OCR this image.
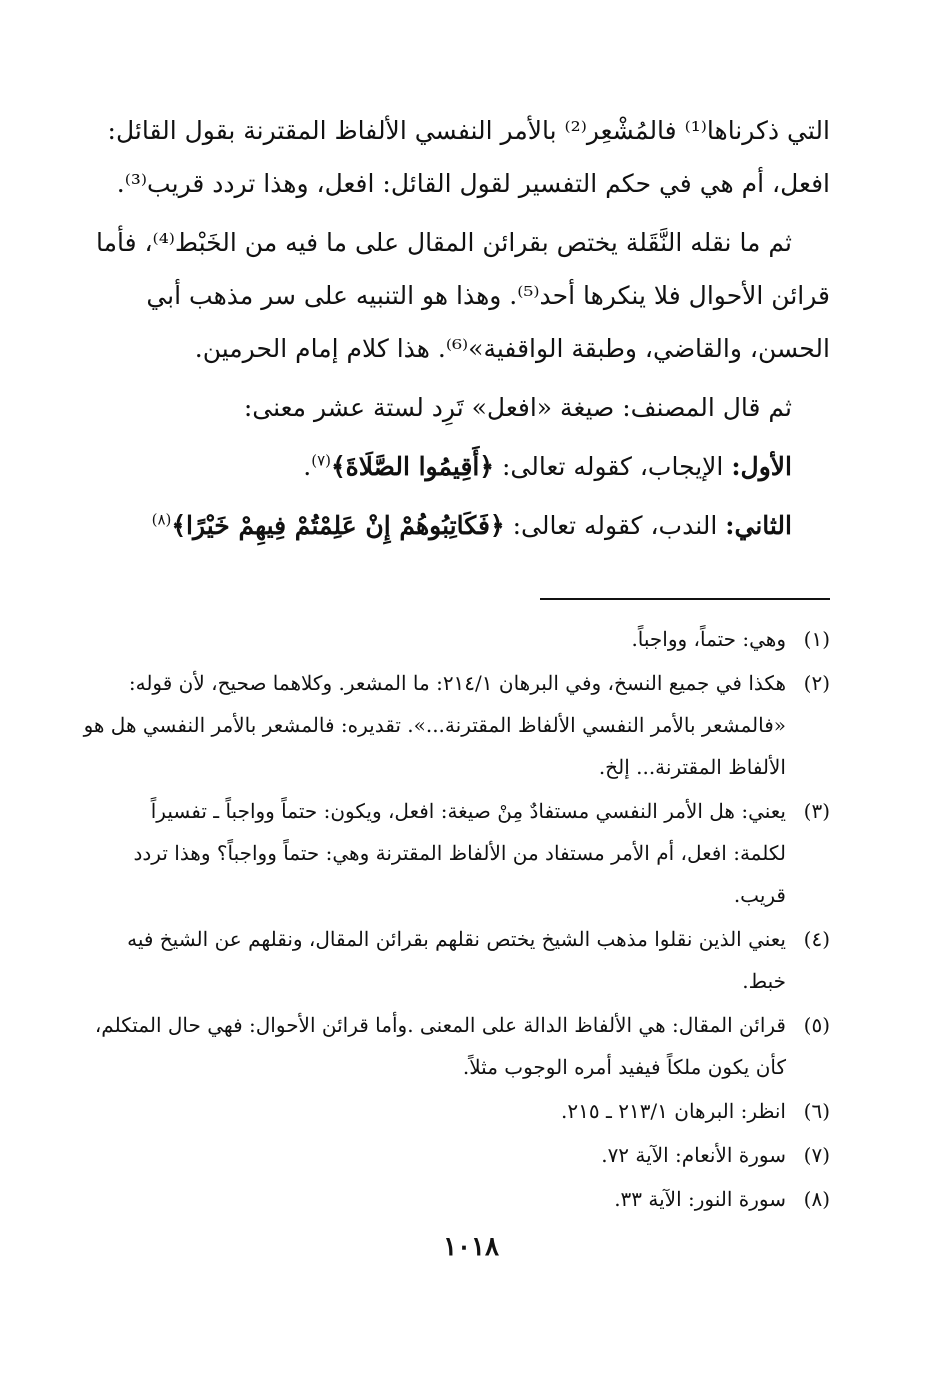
التي ذكرناها⁽¹⁾ فالمُشْعِر⁽²⁾ بالأمر النفسي الألفاظ المقترنة بقول القائل:
افعل، أم هي في حكم التفسير لقول القائل: افعل، وهذا تردد قريب⁽³⁾.

ثم ما نقله النَّقَلة يختص بقرائن المقال على ما فيه من الخَبْط⁽⁴⁾، فأما
قرائن الأحوال فلا ينكرها أحد⁽⁵⁾. وهذا هو التنبيه على سر مذهب أبي
الحسن، والقاضي، وطبقة الواقفية»⁽⁶⁾. هذا كلام إمام الحرمين.

ثم قال المصنف: صيغة «افعل» تَرِد لستة عشر معنى:

الأول: الإيجاب، كقوله تعالى: ﴿أَقِيمُوا الصَّلَاةَ﴾$^{(٧)}$.

الثاني: الندب، كقوله تعالى: ﴿فَكَاتِبُوهُمْ إِنْ عَلِمْتُمْ فِيهِمْ خَيْرًا﴾$^{(٨)}$

(١)
وهي: حتماً، وواجباً.
(٢)
هكذا في جميع النسخ، وفي البرهان ٢١٤/١: ما المشعر. وكلاهما صحيح، لأن قوله:
«فالمشعر بالأمر النفسي الألفاظ المقترنة...». تقديره: فالمشعر بالأمر النفسي هل هو
الألفاظ المقترنة... إلخ.
(٣)
يعني: هل الأمر النفسي مستفادٌ مِنْ صيغة: افعل، ويكون: حتماً وواجباً ـ تفسيراً
لكلمة: افعل، أم الأمر مستفاد من الألفاظ المقترنة وهي: حتماً وواجباً؟ وهذا تردد
قريب.
(٤)
يعني الذين نقلوا مذهب الشيخ يختص نقلهم بقرائن المقال، ونقلهم عن الشيخ فيه
خبط.
(٥)
قرائن المقال: هي الألفاظ الدالة على المعنى .وأما قرائن الأحوال: فهي حال المتكلم،
كأن يكون ملكاً فيفيد أمره الوجوب مثلاً.
(٦)
انظر: البرهان ٢١٣/١ ـ ٢١٥.
(٧)
سورة الأنعام: الآية ٧٢.
(٨)
سورة النور: الآية ٣٣.
١٠١٨
